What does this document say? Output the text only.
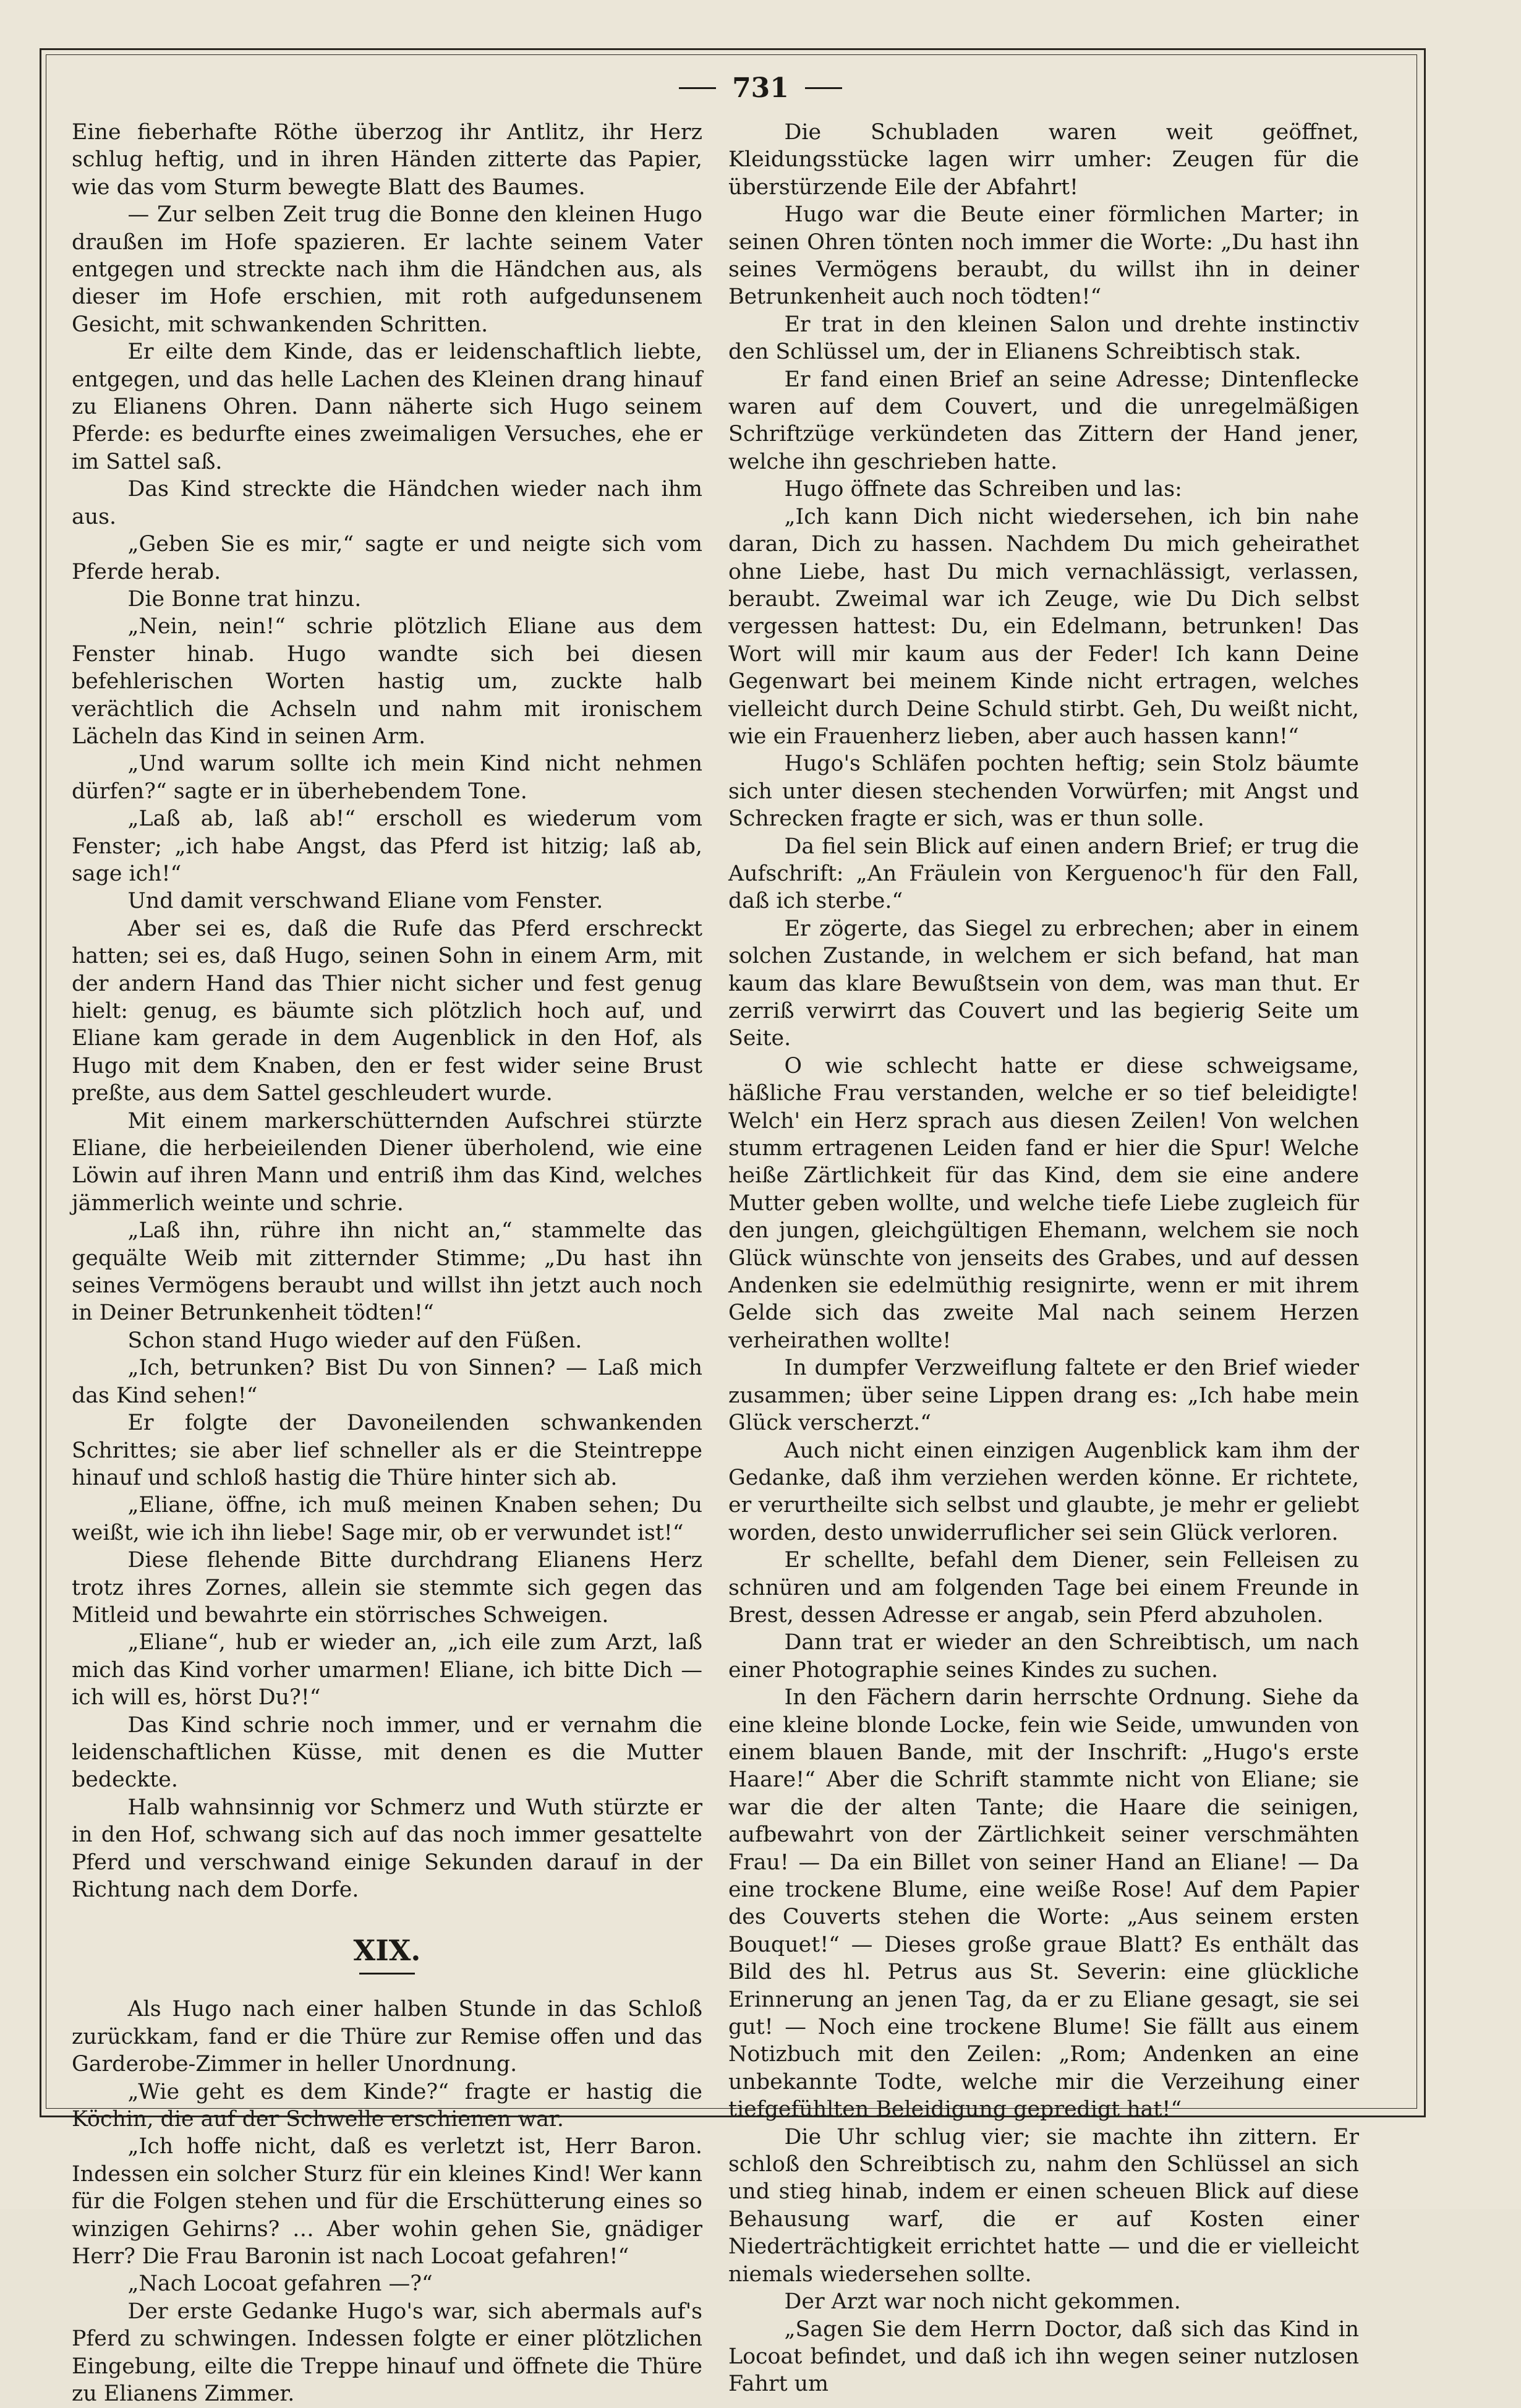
731

Eine fieberhafte Röthe überzog ihr Antlitz, ihr Herz schlug heftig, und in ihren Händen zitterte das Papier, wie das vom Sturm bewegte Blatt des Baumes.

— Zur selben Zeit trug die Bonne den kleinen Hugo draußen im Hofe spazieren. Er lachte seinem Vater entgegen und streckte nach ihm die Händchen aus, als dieser im Hofe erschien, mit roth aufgedunsenem Gesicht, mit schwankenden Schritten.

Er eilte dem Kinde, das er leidenschaftlich liebte, entgegen, und das helle Lachen des Kleinen drang hinauf zu Elianens Ohren. Dann näherte sich Hugo seinem Pferde: es bedurfte eines zweimaligen Versuches, ehe er im Sattel saß.

Das Kind streckte die Händchen wieder nach ihm aus.

„Geben Sie es mir,“ sagte er und neigte sich vom Pferde herab.

Die Bonne trat hinzu.

„Nein, nein!“ schrie plötzlich Eliane aus dem Fenster hinab. Hugo wandte sich bei diesen befehlerischen Worten hastig um, zuckte halb verächtlich die Achseln und nahm mit ironischem Lächeln das Kind in seinen Arm.

„Und warum sollte ich mein Kind nicht nehmen dürfen?“ sagte er in überhebendem Tone.

„Laß ab, laß ab!“ erscholl es wiederum vom Fenster; „ich habe Angst, das Pferd ist hitzig; laß ab, sage ich!“

Und damit verschwand Eliane vom Fenster.

Aber sei es, daß die Rufe das Pferd erschreckt hatten; sei es, daß Hugo, seinen Sohn in einem Arm, mit der andern Hand das Thier nicht sicher und fest genug hielt: genug, es bäumte sich plötzlich hoch auf, und Eliane kam gerade in dem Augenblick in den Hof, als Hugo mit dem Knaben, den er fest wider seine Brust preßte, aus dem Sattel geschleudert wurde.

Mit einem markerschütternden Aufschrei stürzte Eliane, die herbeieilenden Diener überholend, wie eine Löwin auf ihren Mann und entriß ihm das Kind, welches jämmerlich weinte und schrie.

„Laß ihn, rühre ihn nicht an,“ stammelte das gequälte Weib mit zitternder Stimme; „Du hast ihn seines Vermögens beraubt und willst ihn jetzt auch noch in Deiner Betrunkenheit tödten!“

Schon stand Hugo wieder auf den Füßen.

„Ich, betrunken? Bist Du von Sinnen? — Laß mich das Kind sehen!“

Er folgte der Davoneilenden schwankenden Schrittes; sie aber lief schneller als er die Steintreppe hinauf und schloß hastig die Thüre hinter sich ab.

„Eliane, öffne, ich muß meinen Knaben sehen; Du weißt, wie ich ihn liebe! Sage mir, ob er verwundet ist!“

Diese flehende Bitte durchdrang Elianens Herz trotz ihres Zornes, allein sie stemmte sich gegen das Mitleid und bewahrte ein störrisches Schweigen.

„Eliane“, hub er wieder an, „ich eile zum Arzt, laß mich das Kind vorher umarmen! Eliane, ich bitte Dich — ich will es, hörst Du?!“

Das Kind schrie noch immer, und er vernahm die leidenschaftlichen Küsse, mit denen es die Mutter bedeckte.

Halb wahnsinnig vor Schmerz und Wuth stürzte er in den Hof, schwang sich auf das noch immer gesattelte Pferd und verschwand einige Sekunden darauf in der Richtung nach dem Dorfe.

XIX.

Als Hugo nach einer halben Stunde in das Schloß zurückkam, fand er die Thüre zur Remise offen und das Garderobe-Zimmer in heller Unordnung.

„Wie geht es dem Kinde?“ fragte er hastig die Köchin, die auf der Schwelle erschienen war.

„Ich hoffe nicht, daß es verletzt ist, Herr Baron. Indessen ein solcher Sturz für ein kleines Kind! Wer kann für die Folgen stehen und für die Erschütterung eines so winzigen Gehirns? … Aber wohin gehen Sie, gnädiger Herr? Die Frau Baronin ist nach Locoat gefahren!“

„Nach Locoat gefahren —?“

Der erste Gedanke Hugo's war, sich abermals auf's Pferd zu schwingen. Indessen folgte er einer plötzlichen Eingebung, eilte die Treppe hinauf und öffnete die Thüre zu Elianens Zimmer.

Die Schubladen waren weit geöffnet, Kleidungsstücke lagen wirr umher: Zeugen für die überstürzende Eile der Abfahrt!

Hugo war die Beute einer förmlichen Marter; in seinen Ohren tönten noch immer die Worte: „Du hast ihn seines Vermögens beraubt, du willst ihn in deiner Betrunkenheit auch noch tödten!“

Er trat in den kleinen Salon und drehte instinctiv den Schlüssel um, der in Elianens Schreibtisch stak.

Er fand einen Brief an seine Adresse; Dintenflecke waren auf dem Couvert, und die unregelmäßigen Schriftzüge verkündeten das Zittern der Hand jener, welche ihn geschrieben hatte.

Hugo öffnete das Schreiben und las:

„Ich kann Dich nicht wiedersehen, ich bin nahe daran, Dich zu hassen. Nachdem Du mich geheirathet ohne Liebe, hast Du mich vernachlässigt, verlassen, beraubt. Zweimal war ich Zeuge, wie Du Dich selbst vergessen hattest: Du, ein Edelmann, betrunken! Das Wort will mir kaum aus der Feder! Ich kann Deine Gegenwart bei meinem Kinde nicht ertragen, welches vielleicht durch Deine Schuld stirbt. Geh, Du weißt nicht, wie ein Frauenherz lieben, aber auch hassen kann!“

Hugo's Schläfen pochten heftig; sein Stolz bäumte sich unter diesen stechenden Vorwürfen; mit Angst und Schrecken fragte er sich, was er thun solle.

Da fiel sein Blick auf einen andern Brief; er trug die Aufschrift: „An Fräulein von Kerguenoc'h für den Fall, daß ich sterbe.“

Er zögerte, das Siegel zu erbrechen; aber in einem solchen Zustande, in welchem er sich befand, hat man kaum das klare Bewußtsein von dem, was man thut. Er zerriß verwirrt das Couvert und las begierig Seite um Seite.

O wie schlecht hatte er diese schweigsame, häßliche Frau verstanden, welche er so tief beleidigte! Welch' ein Herz sprach aus diesen Zeilen! Von welchen stumm ertragenen Leiden fand er hier die Spur! Welche heiße Zärtlichkeit für das Kind, dem sie eine andere Mutter geben wollte, und welche tiefe Liebe zugleich für den jungen, gleichgültigen Ehemann, welchem sie noch Glück wünschte von jenseits des Grabes, und auf dessen Andenken sie edelmüthig resignirte, wenn er mit ihrem Gelde sich das zweite Mal nach seinem Herzen verheirathen wollte!

In dumpfer Verzweiflung faltete er den Brief wieder zusammen; über seine Lippen drang es: „Ich habe mein Glück verscherzt.“

Auch nicht einen einzigen Augenblick kam ihm der Gedanke, daß ihm verziehen werden könne. Er richtete, er verurtheilte sich selbst und glaubte, je mehr er geliebt worden, desto unwiderruflicher sei sein Glück verloren.

Er schellte, befahl dem Diener, sein Felleisen zu schnüren und am folgenden Tage bei einem Freunde in Brest, dessen Adresse er angab, sein Pferd abzuholen.

Dann trat er wieder an den Schreibtisch, um nach einer Photographie seines Kindes zu suchen.

In den Fächern darin herrschte Ordnung. Siehe da eine kleine blonde Locke, fein wie Seide, umwunden von einem blauen Bande, mit der Inschrift: „Hugo's erste Haare!“ Aber die Schrift stammte nicht von Eliane; sie war die der alten Tante; die Haare die seinigen, aufbewahrt von der Zärtlichkeit seiner verschmähten Frau! — Da ein Billet von seiner Hand an Eliane! — Da eine trockene Blume, eine weiße Rose! Auf dem Papier des Couverts stehen die Worte: „Aus seinem ersten Bouquet!“ — Dieses große graue Blatt? Es enthält das Bild des hl. Petrus aus St. Severin: eine glückliche Erinnerung an jenen Tag, da er zu Eliane gesagt, sie sei gut! — Noch eine trockene Blume! Sie fällt aus einem Notizbuch mit den Zeilen: „Rom; Andenken an eine unbekannte Todte, welche mir die Verzeihung einer tiefgefühlten Beleidigung gepredigt hat!“

Die Uhr schlug vier; sie machte ihn zittern. Er schloß den Schreibtisch zu, nahm den Schlüssel an sich und stieg hinab, indem er einen scheuen Blick auf diese Behausung warf, die er auf Kosten einer Niederträchtigkeit errichtet hatte — und die er vielleicht niemals wiedersehen sollte.

Der Arzt war noch nicht gekommen.

„Sagen Sie dem Herrn Doctor, daß sich das Kind in Locoat befindet, und daß ich ihn wegen seiner nutzlosen Fahrt um
